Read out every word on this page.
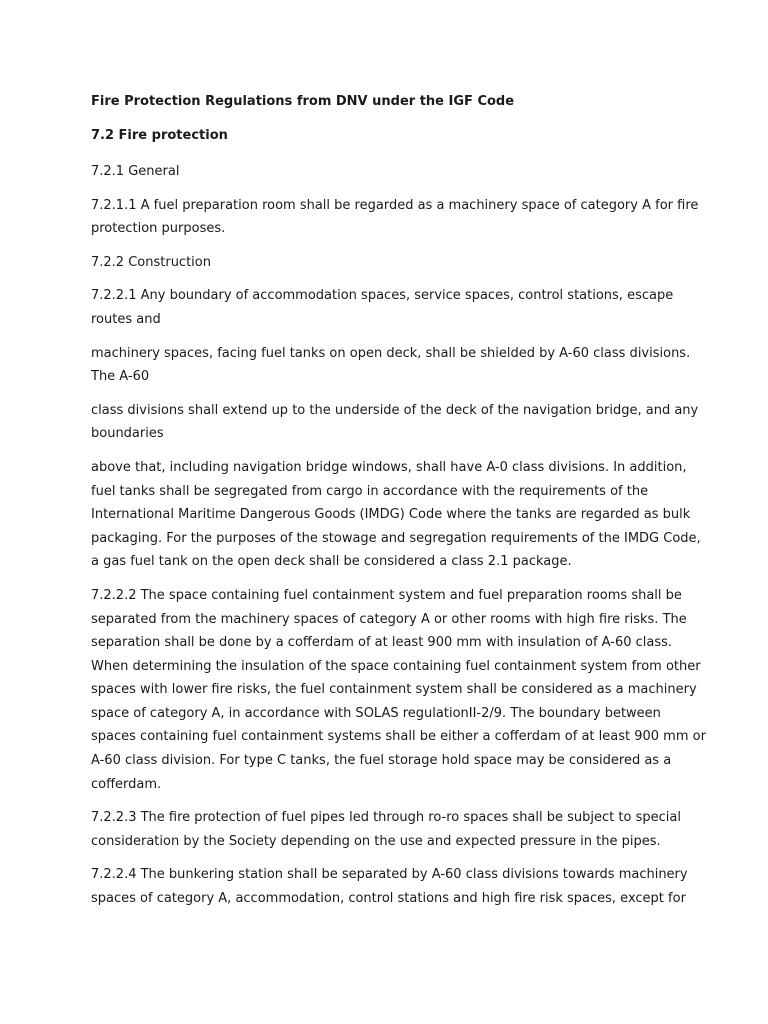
Fire Protection Regulations from DNV under the IGF Code

7.2 Fire protection

7.2.1 General

7.2.1.1 A fuel preparation room shall be regarded as a machinery space of category A for fire protection purposes.

7.2.2 Construction

7.2.2.1 Any boundary of accommodation spaces, service spaces, control stations, escape routes and

machinery spaces, facing fuel tanks on open deck, shall be shielded by A-60 class divisions. The A-60

class divisions shall extend up to the underside of the deck of the navigation bridge, and any boundaries

above that, including navigation bridge windows, shall have A-0 class divisions. In addition, fuel tanks shall be segregated from cargo in accordance with the requirements of the International Maritime Dangerous Goods (IMDG) Code where the tanks are regarded as bulk packaging. For the purposes of the stowage and segregation requirements of the IMDG Code, a gas fuel tank on the open deck shall be considered a class 2.1 package.

7.2.2.2 The space containing fuel containment system and fuel preparation rooms shall be separated from the machinery spaces of category A or other rooms with high fire risks. The separation shall be done by a cofferdam of at least 900 mm with insulation of A-60 class. When determining the insulation of the space containing fuel containment system from other spaces with lower fire risks, the fuel containment system shall be considered as a machinery space of category A, in accordance with SOLAS regulationII-2/9. The boundary between spaces containing fuel containment systems shall be either a cofferdam of at least 900 mm or A-60 class division. For type C tanks, the fuel storage hold space may be considered as a cofferdam.

7.2.2.3 The fire protection of fuel pipes led through ro-ro spaces shall be subject to special consideration by the Society depending on the use and expected pressure in the pipes.

7.2.2.4 The bunkering station shall be separated by A-60 class divisions towards machinery spaces of category A, accommodation, control stations and high fire risk spaces, except for
